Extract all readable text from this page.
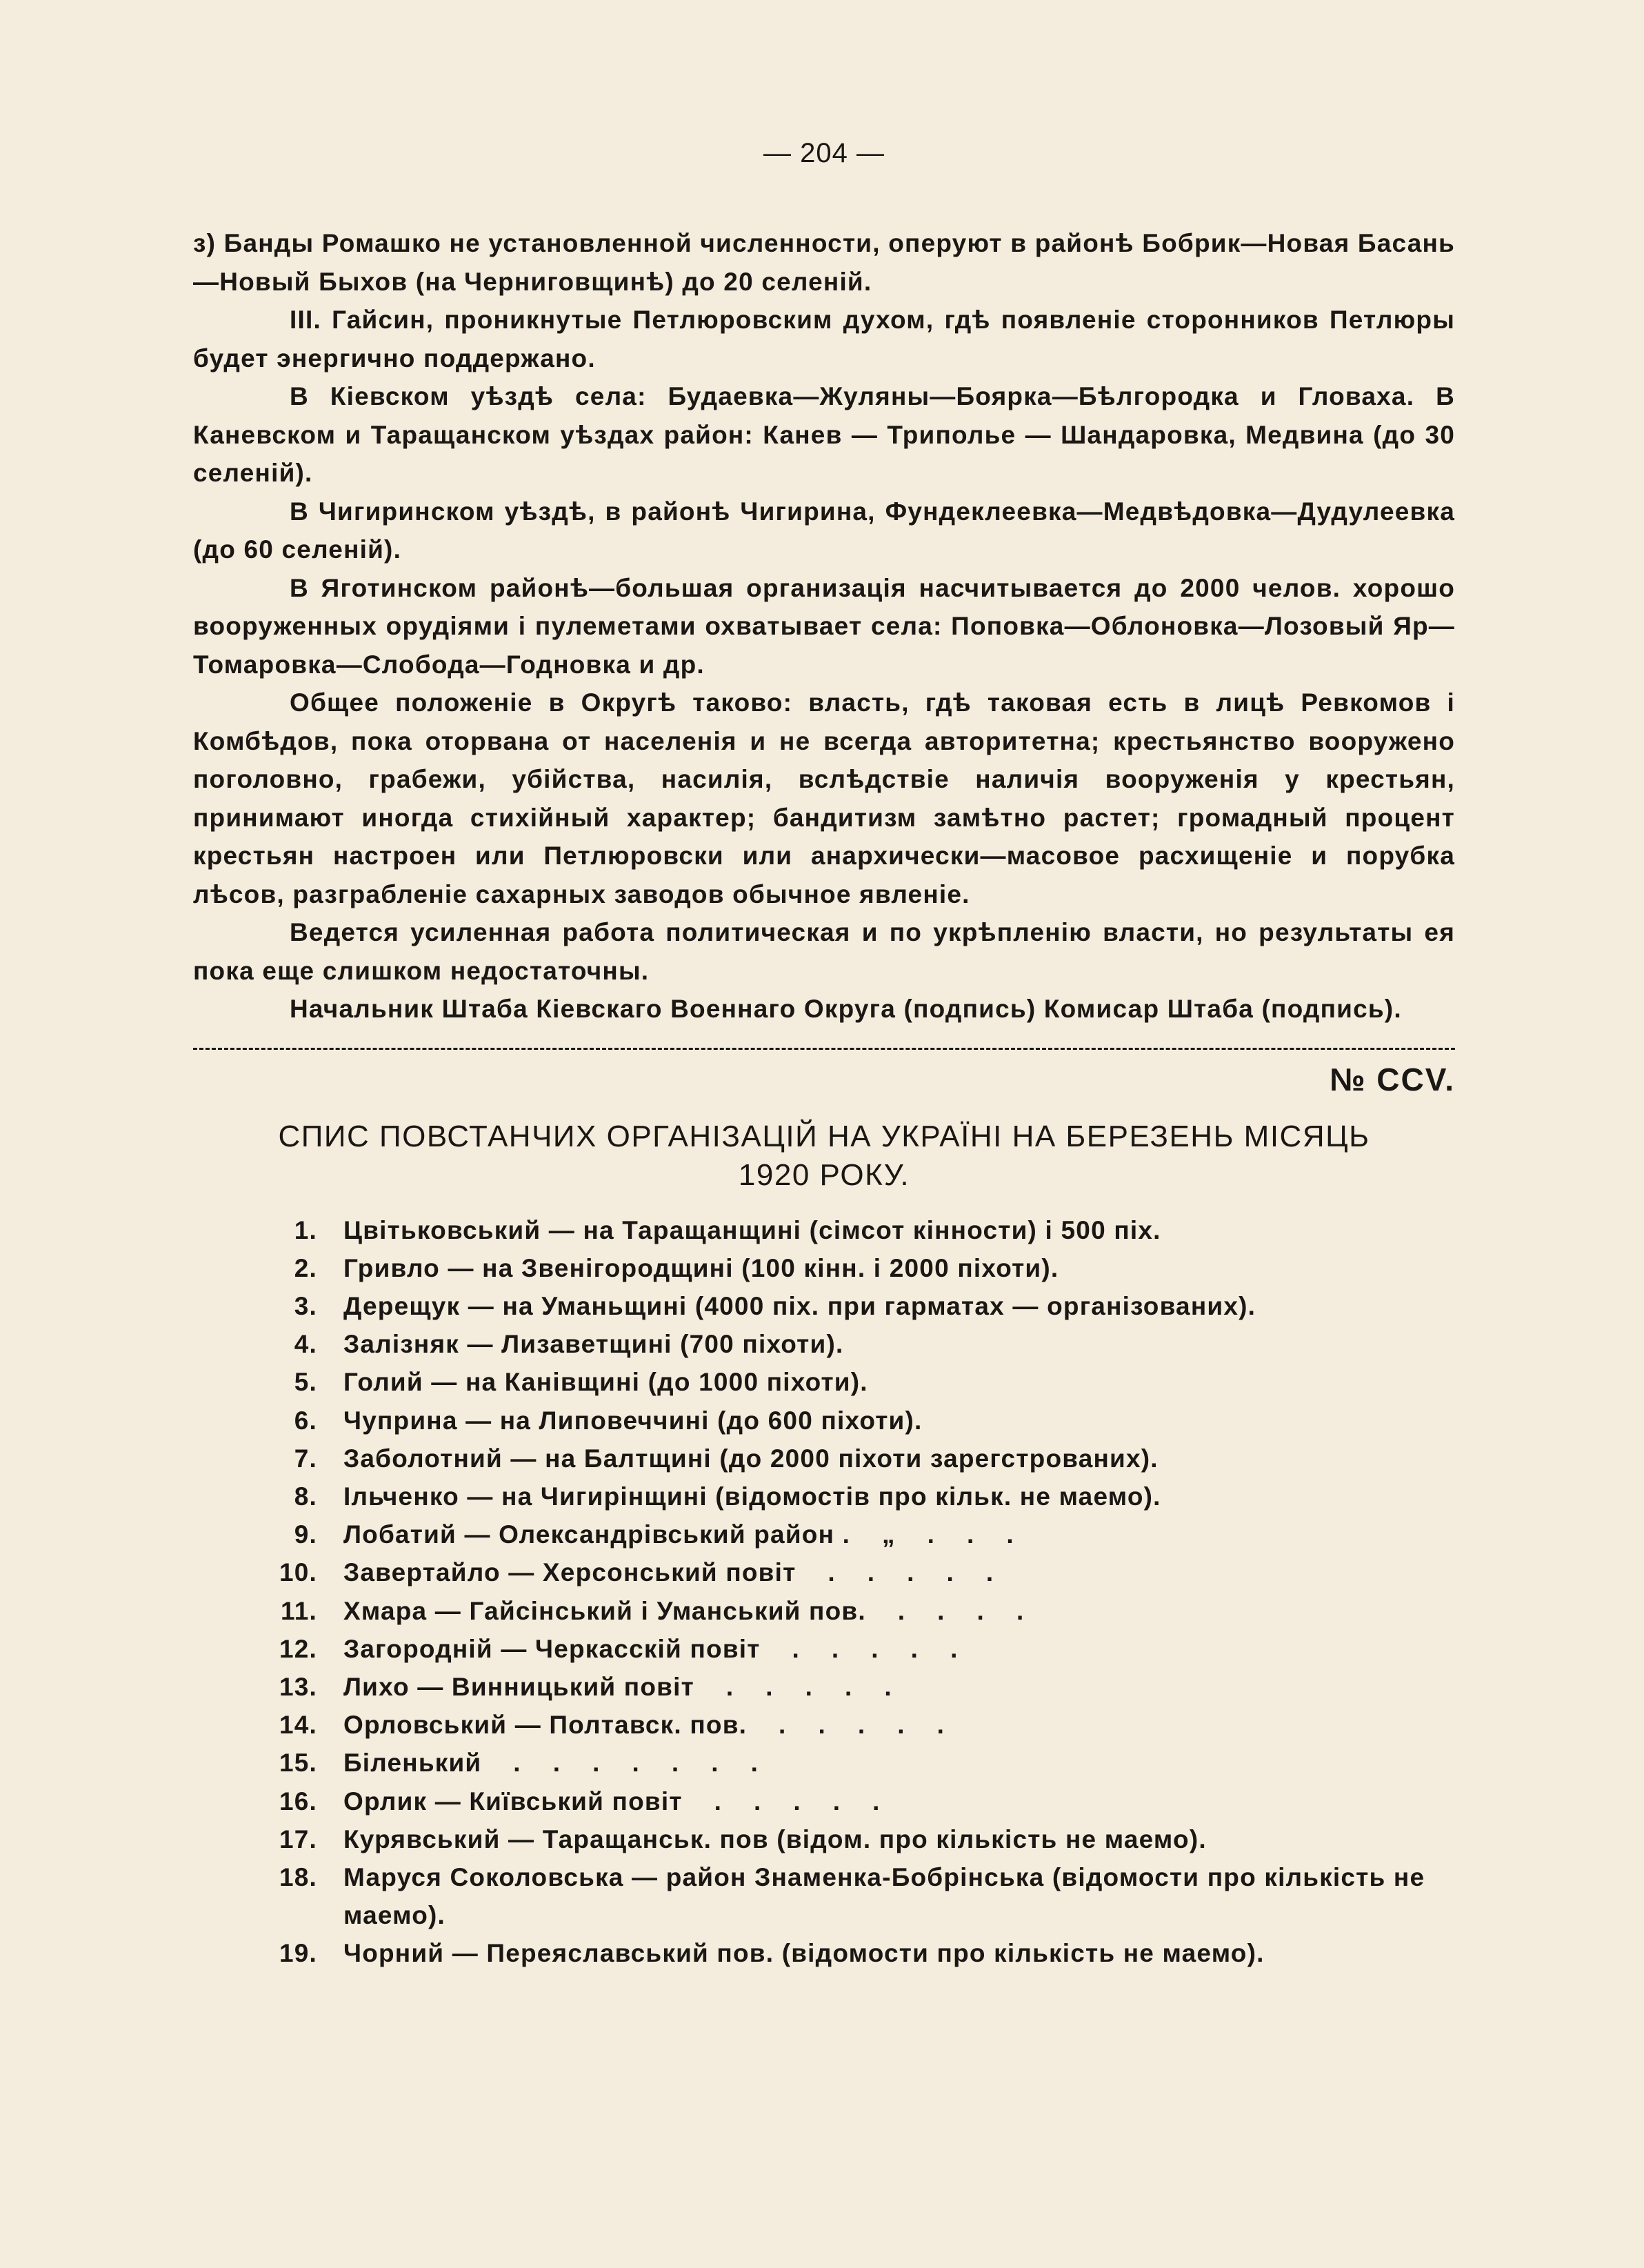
— 204 —

з) Банды Ромашко не установленной численности, оперуют в районѣ Бобрик—Новая Басань—Новый Быхов (на Черниговщинѣ) до 20 селеній.

III. Гайсин, проникнутые Петлюровским духом, гдѣ появленіе сторонников Петлюры будет энергично поддержано.

В Кіевском уѣздѣ села: Будаевка—Жуляны—Боярка—Бѣлгородка и Гловаха. В Каневском и Таращанском уѣздах район: Канев — Триполье — Шандаровка, Медвина (до 30 селеній).

В Чигиринском уѣздѣ, в районѣ Чигирина, Фундеклеевка—Медвѣдовка—Дудулеевка (до 60 селеній).

В Яготинском районѣ—большая организація насчитывается до 2000 челов. хорошо вооруженных орудіями і пулеметами охватывает села: Поповка—Облоновка—Лозовый Яр—Томаровка—Слобода—Годновка и др.

Общее положеніе в Округѣ таково: власть, гдѣ таковая есть в лицѣ Ревкомов і Комбѣдов, пока оторвана от населенія и не всегда авторитетна; крестьянство вооружено поголовно, грабежи, убійства, насилія, вслѣдствіе наличія вооруженія у крестьян, принимают иногда стихійный характер; бандитизм замѣтно растет; громадный процент крестьян настроен или Петлюровски или анархически—масовое расхищеніе и порубка лѣсов, разграбленіе сахарных заводов обычное явленіе.

Ведется усиленная работа политическая и по укрѣпленію власти, но результаты ея пока еще слишком недостаточны.

Начальник Штаба Кіевскаго Военнаго Округа (подпись) Комисар Штаба (подпись).

№ CCV.
СПИС ПОВСТАНЧИХ ОРГАНІЗАЦІЙ НА УКРАЇНІ НА БЕРЕЗЕНЬ МІСЯЦЬ
1920 РОКУ.
1.	Цвітьковський — на Таращанщині (сімсот кінности) і 500 піх.
2.	Гривло — на Звенігородщині (100 кінн. і 2000 піхоти).
3.	Дерещук — на Уманьщині (4000 піх. при гарматах — організованих).
4.	Залізняк — Лизаветщині (700 піхоти).
5.	Голий — на Канівщині (до 1000 піхоти).
6.	Чуприна — на Липовеччині (до 600 піхоти).
7.	Заболотний — на Балтщині (до 2000 піхоти зарегстрованих).
8.	Ільченко — на Чигирінщині (відомостів про кільк. не маемо).
9.	Лобатий — Олександрівський район .    „    .    .    .
10.	Завертайло — Херсонський повіт    .    .    .    .    .
11.	Хмара — Гайсінський і Уманський пов.    .    .    .    .
12.	Загородній — Черкасскій повіт    .    .    .    .    .
13.	Лихо — Винницький повіт    .    .    .    .    .
14.	Орловський — Полтавск. пов.    .    .    .    .    .
15.	Біленький    .    .    .    .    .    .    .
16.	Орлик — Київський повіт    .    .    .    .    .
17.	Курявський — Таращанськ. пов (відом. про кількість не маемо).
18.	Маруся Соколовська — район Знаменка-Бобрінська (відомости про кількість не маемо).
19.	Чорний — Переяславський пов. (відомости про кількість не маемо).
